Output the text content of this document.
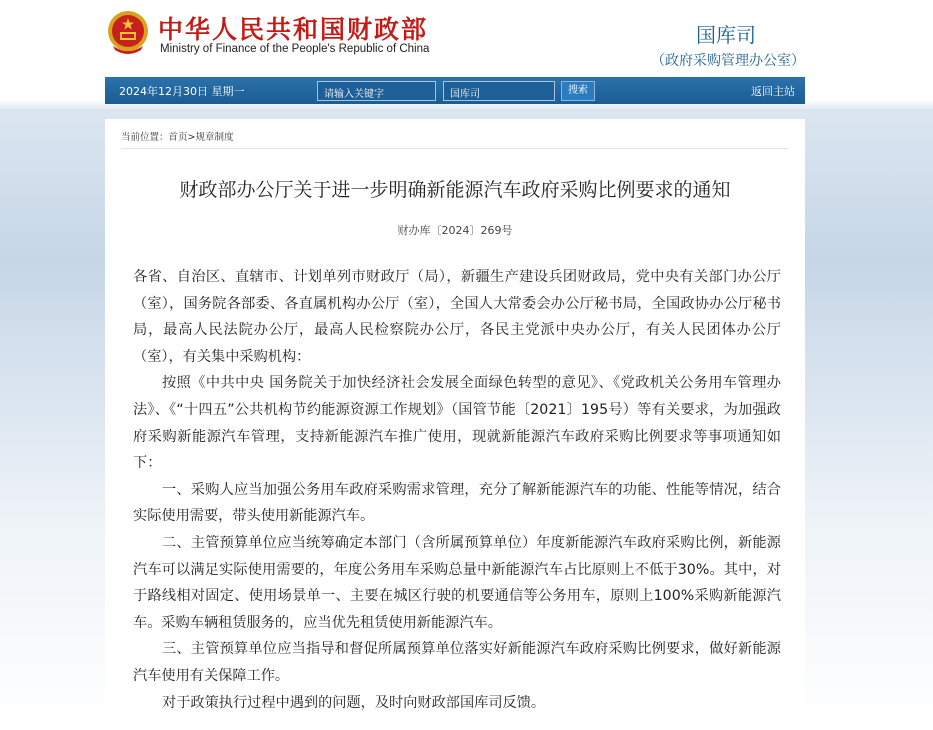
中华人民共和国财政部
Ministry of Finance of the People's Republic of China
国库司
（政府采购管理办公室）
2024年12月30日 星期一	请输入关键字	国库司	搜索	返回主站
当前位置：首页>规章制度
财政部办公厅关于进一步明确新能源汽车政府采购比例要求的通知
财办库〔2024〕269号

各省、自治区、直辖市、计划单列市财政厅（局），新疆生产建设兵团财政局，党中央有关部门办公厅（室），国务院各部委、各直属机构办公厅（室），全国人大常委会办公厅秘书局，全国政协办公厅秘书局，最高人民法院办公厅，最高人民检察院办公厅，各民主党派中央办公厅，有关人民团体办公厅（室），有关集中采购机构：

按照《中共中央 国务院关于加快经济社会发展全面绿色转型的意见》、《党政机关公务用车管理办法》、《“十四五”公共机构节约能源资源工作规划》（国管节能〔2021〕195号）等有关要求，为加强政府采购新能源汽车管理，支持新能源汽车推广使用，现就新能源汽车政府采购比例要求等事项通知如下：

一、采购人应当加强公务用车政府采购需求管理，充分了解新能源汽车的功能、性能等情况，结合实际使用需要，带头使用新能源汽车。

二、主管预算单位应当统筹确定本部门（含所属预算单位）年度新能源汽车政府采购比例，新能源汽车可以满足实际使用需要的，年度公务用车采购总量中新能源汽车占比原则上不低于30%。其中，对于路线相对固定、使用场景单一、主要在城区行驶的机要通信等公务用车，原则上100%采购新能源汽车。采购车辆租赁服务的，应当优先租赁使用新能源汽车。

三、主管预算单位应当指导和督促所属预算单位落实好新能源汽车政府采购比例要求，做好新能源汽车使用有关保障工作。

对于政策执行过程中遇到的问题，及时向财政部国库司反馈。
